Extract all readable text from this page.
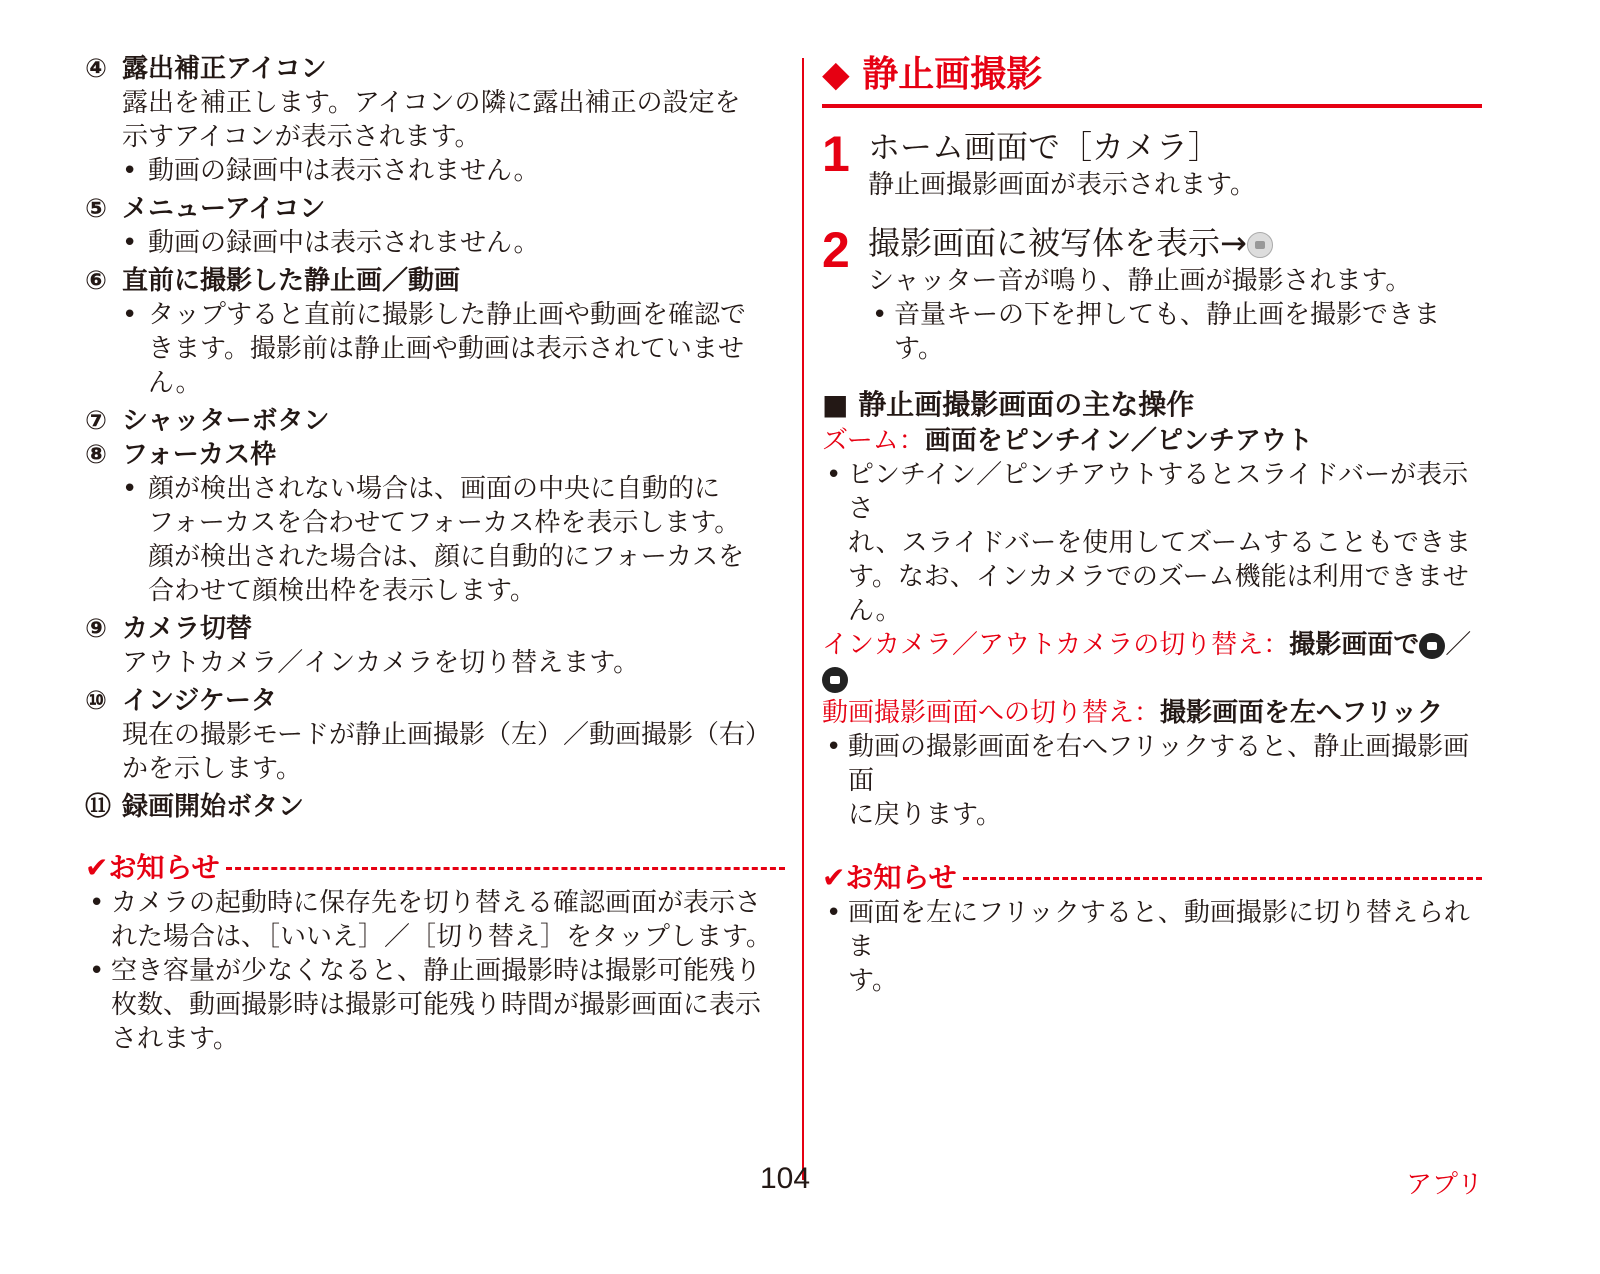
④ 露出補正アイコン

露出を補正します。アイコンの隣に露出補正の設定を
示すアイコンが表示されます。

• 動画の録画中は表示されません。

⑤ メニューアイコン

• 動画の録画中は表示されません。

⑥ 直前に撮影した静止画／動画

• タップすると直前に撮影した静止画や動画を確認で
きます。撮影前は静止画や動画は表示されていませ
ん。

⑦ シャッターボタン

⑧ フォーカス枠

• 顔が検出されない場合は、画面の中央に自動的に
フォーカスを合わせてフォーカス枠を表示します。
顔が検出された場合は、顔に自動的にフォーカスを
合わせて顔検出枠を表示します。

⑨ カメラ切替

アウトカメラ／インカメラを切り替えます。

⑩ インジケータ

現在の撮影モードが静止画撮影（左）／動画撮影（右）
かを示します。

⑪ 録画開始ボタン

✔お知らせ

• カメラの起動時に保存先を切り替える確認画面が表示さ
れた場合は、［いいえ］／［切り替え］をタップします。

• 空き容量が少なくなると、静止画撮影時は撮影可能残り
枚数、動画撮影時は撮影可能残り時間が撮影画面に表示
されます。

◆ 静止画撮影
1 ホーム画面で［カメラ］

静止画撮影画面が表示されます。

2 撮影画面に被写体を表示→

シャッター音が鳴り、静止画が撮影されます。

• 音量キーの下を押しても、静止画を撮影できます。

■ 静止画撮影画面の主な操作

ズーム：画面をピンチイン／ピンチアウト

• ピンチイン／ピンチアウトするとスライドバーが表示さ
れ、スライドバーを使用してズームすることもできま
す。なお、インカメラでのズーム機能は利用できませ
ん。

インカメラ／アウトカメラの切り替え：撮影画面で ／

動画撮影画面への切り替え：撮影画面を左へフリック

• 動画の撮影画面を右へフリックすると、静止画撮影画面
に戻ります。

✔お知らせ

• 画面を左にフリックすると、動画撮影に切り替えられま
す。

104	アプリ
